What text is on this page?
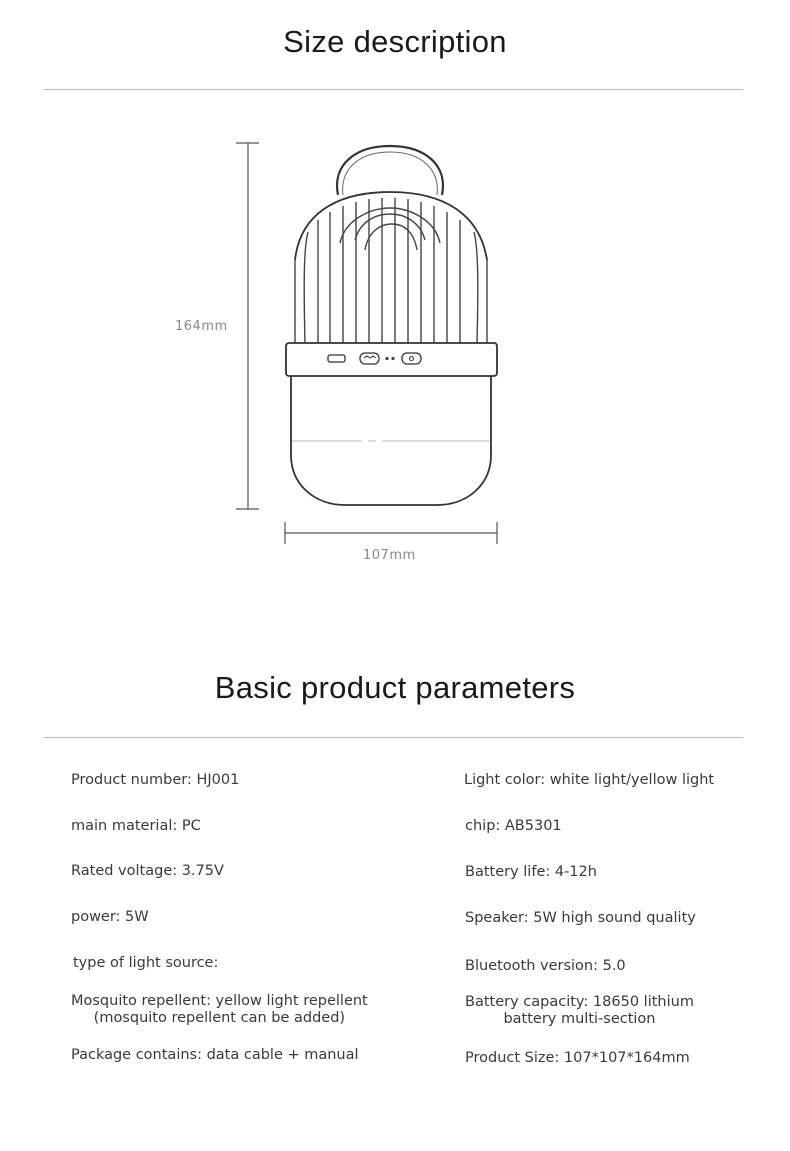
Size description
164mm
107mm
Basic product parameters
Product number: HJ001
main material: PC
Rated voltage: 3.75V
power: 5W
type of light source:
Mosquito repellent: yellow light repellent
(mosquito repellent can be added)
Package contains: data cable + manual
Light color: white light/yellow light
chip: AB5301
Battery life: 4-12h
Speaker: 5W high sound quality
Bluetooth version: 5.0
Battery capacity: 18650 lithium
battery multi-section
Product Size: 107*107*164mm
